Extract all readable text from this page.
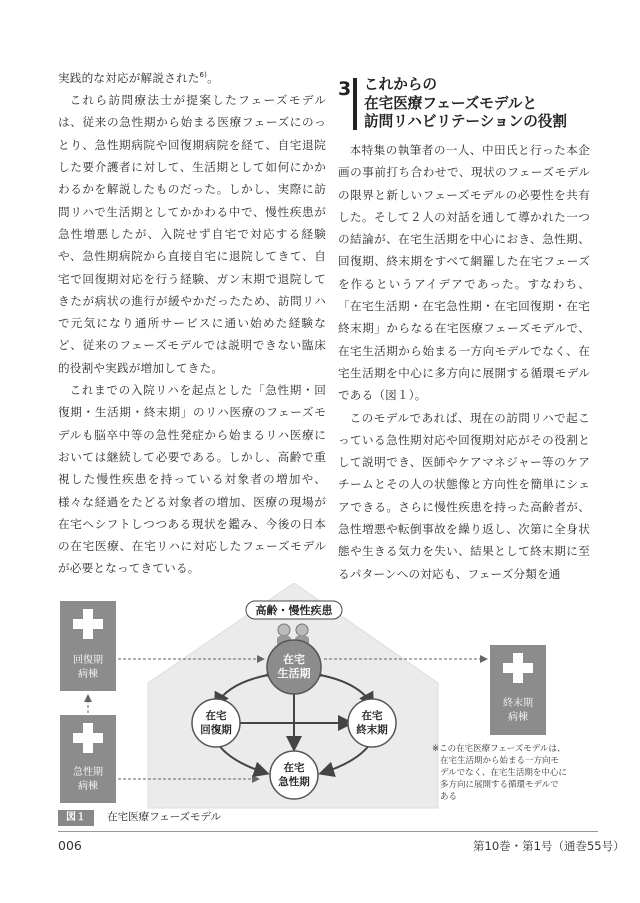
実践的な対応が解説された$^{6)}$。

これら訪問療法士が提案したフェーズモデルは、従来の急性期から始まる医療フェーズにのっとり、急性期病院や回復期病院を経て、自宅退院した要介護者に対して、生活期として如何にかかわるかを解説したものだった。しかし、実際に訪問リハで生活期としてかかわる中で、慢性疾患が急性増悪したが、入院せず自宅で対応する経験や、急性期病院から直接自宅に退院してきて、自宅で回復期対応を行う経験、ガン末期で退院してきたが病状の進行が緩やかだったため、訪問リハで元気になり通所サービスに通い始めた経験など、従来のフェーズモデルでは説明できない臨床的役割や実践が増加してきた。

これまでの入院リハを起点とした「急性期・回復期・生活期・終末期」のリハ医療のフェーズモデルも脳卒中等の急性発症から始まるリハ医療においては継続して必要である。しかし、高齢で重視した慢性疾患を持っている対象者の増加や、様々な経過をたどる対象者の増加、医療の現場が在宅へシフトしつつある現状を鑑み、今後の日本の在宅医療、在宅リハに対応したフェーズモデルが必要となってきている。

3 これからの
在宅医療フェーズモデルと
訪問リハビリテーションの役割

本特集の執筆者の一人、中田氏と行った本企画の事前打ち合わせで、現状のフェーズモデルの限界と新しいフェーズモデルの必要性を共有した。そして２人の対話を通して導かれた一つの結論が、在宅生活期を中心におき、急性期、回復期、終末期をすべて網羅した在宅フェーズを作るというアイデアであった。すなわち、「在宅生活期・在宅急性期・在宅回復期・在宅終末期」からなる在宅医療フェーズモデルで、在宅生活期から始まる一方向モデルでなく、在宅生活期を中心に多方向に展開する循環モデルである（図１）。

このモデルであれば、現在の訪問リハで起こっている急性期対応や回復期対応がその役割として説明でき、医師やケアマネジャー等のケアチームとその人の状態像と方向性を簡単にシェアできる。さらに慢性疾患を持った高齢者が、急性増悪や転倒事故を繰り返し、次第に全身状態や生きる気力を失い、結果として終末期に至るパターンへの対応も、フェーズ分類を通

高齢・慢性疾患
回復期
病棟
急性期
病棟
終末期
病棟
在宅
生活期
在宅
回復期
在宅
終末期
在宅
急性期
※この在宅医療フェーズモデルは、
在宅生活期から始まる一方向モ
デルでなく、在宅生活期を中心に
多方向に展開する循環モデルで
ある
図１ 在宅医療フェーズモデル
006	第10巻・第1号（通巻55号）
